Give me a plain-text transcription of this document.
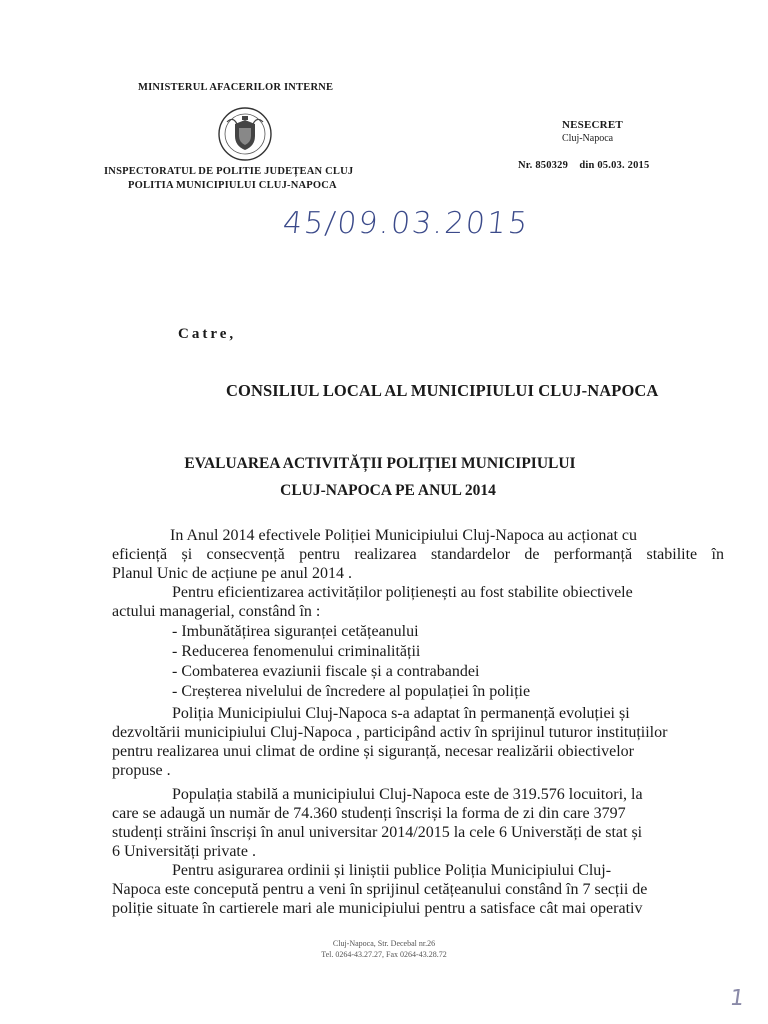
MINISTERUL AFACERILOR INTERNE
INSPECTORATUL DE POLITIE JUDEȚEAN CLUJ
POLITIA MUNICIPIULUI CLUJ-NAPOCA
NESECRET
Cluj-Napoca
Nr. 850329    din 05.03. 2015
45/09.03.2015
Catre,
CONSILIUL LOCAL AL MUNICIPIULUI CLUJ-NAPOCA
EVALUAREA ACTIVITĂȚII POLIȚIEI MUNICIPIULUI
CLUJ-NAPOCA PE ANUL 2014
In Anul 2014 efectivele Poliției Municipiului Cluj-Napoca au acționat cu
eficiență și consecvență pentru realizarea standardelor de performanță stabilite în
Planul Unic de acțiune pe anul 2014 .
Pentru eficientizarea activităților polițienești au fost stabilite obiectivele
actului managerial, constând în :
- Imbunătățirea siguranței cetățeanului
- Reducerea fenomenului criminalității
- Combaterea evaziunii fiscale și a contrabandei
- Creșterea nivelului de încredere al populației în poliție
Poliția Municipiului Cluj-Napoca s-a adaptat în permanență evoluției și
dezvoltării municipiului Cluj-Napoca , participând activ în sprijinul tuturor instituțiilor
pentru realizarea unui climat de ordine și siguranță, necesar realizării obiectivelor
propuse .
Populația stabilă a municipiului Cluj-Napoca este de 319.576 locuitori, la
care se adaugă un număr de 74.360 studenți înscriși la forma de zi din care 3797
studenți străini înscriși în anul universitar 2014/2015 la cele 6 Universtăți de stat și
6 Universități private .
Pentru asigurarea ordinii și liniștii publice Poliția Municipiului Cluj-
Napoca este concepută pentru a veni în sprijinul cetățeanului constând în 7 secții de
poliție situate în cartierele mari ale municipiului pentru a satisface cât mai operativ
Cluj-Napoca, Str. Decebal nr.26
Tel. 0264-43.27.27, Fax 0264-43.28.72
1
